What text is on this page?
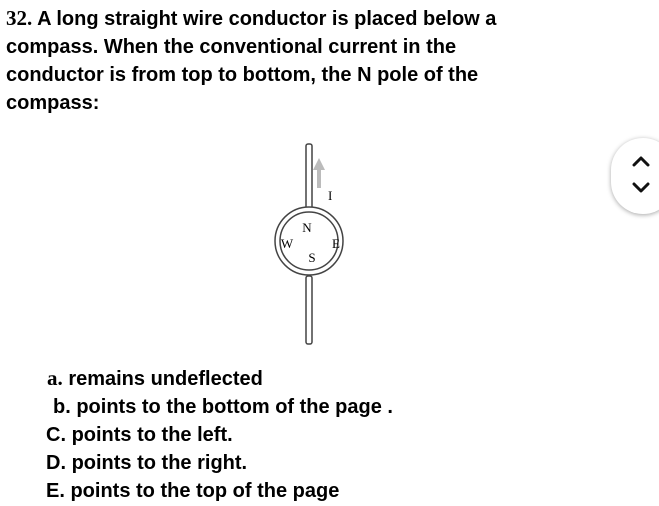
32. A long straight wire conductor is placed below a
compass. When the conventional current in the
conductor is from top to bottom, the N pole of the
compass:
I
N
S
E
W
a. remains undeflected
b. points to the bottom of the page .
C. points to the left.
D. points to the right.
E. points to the top of the page
